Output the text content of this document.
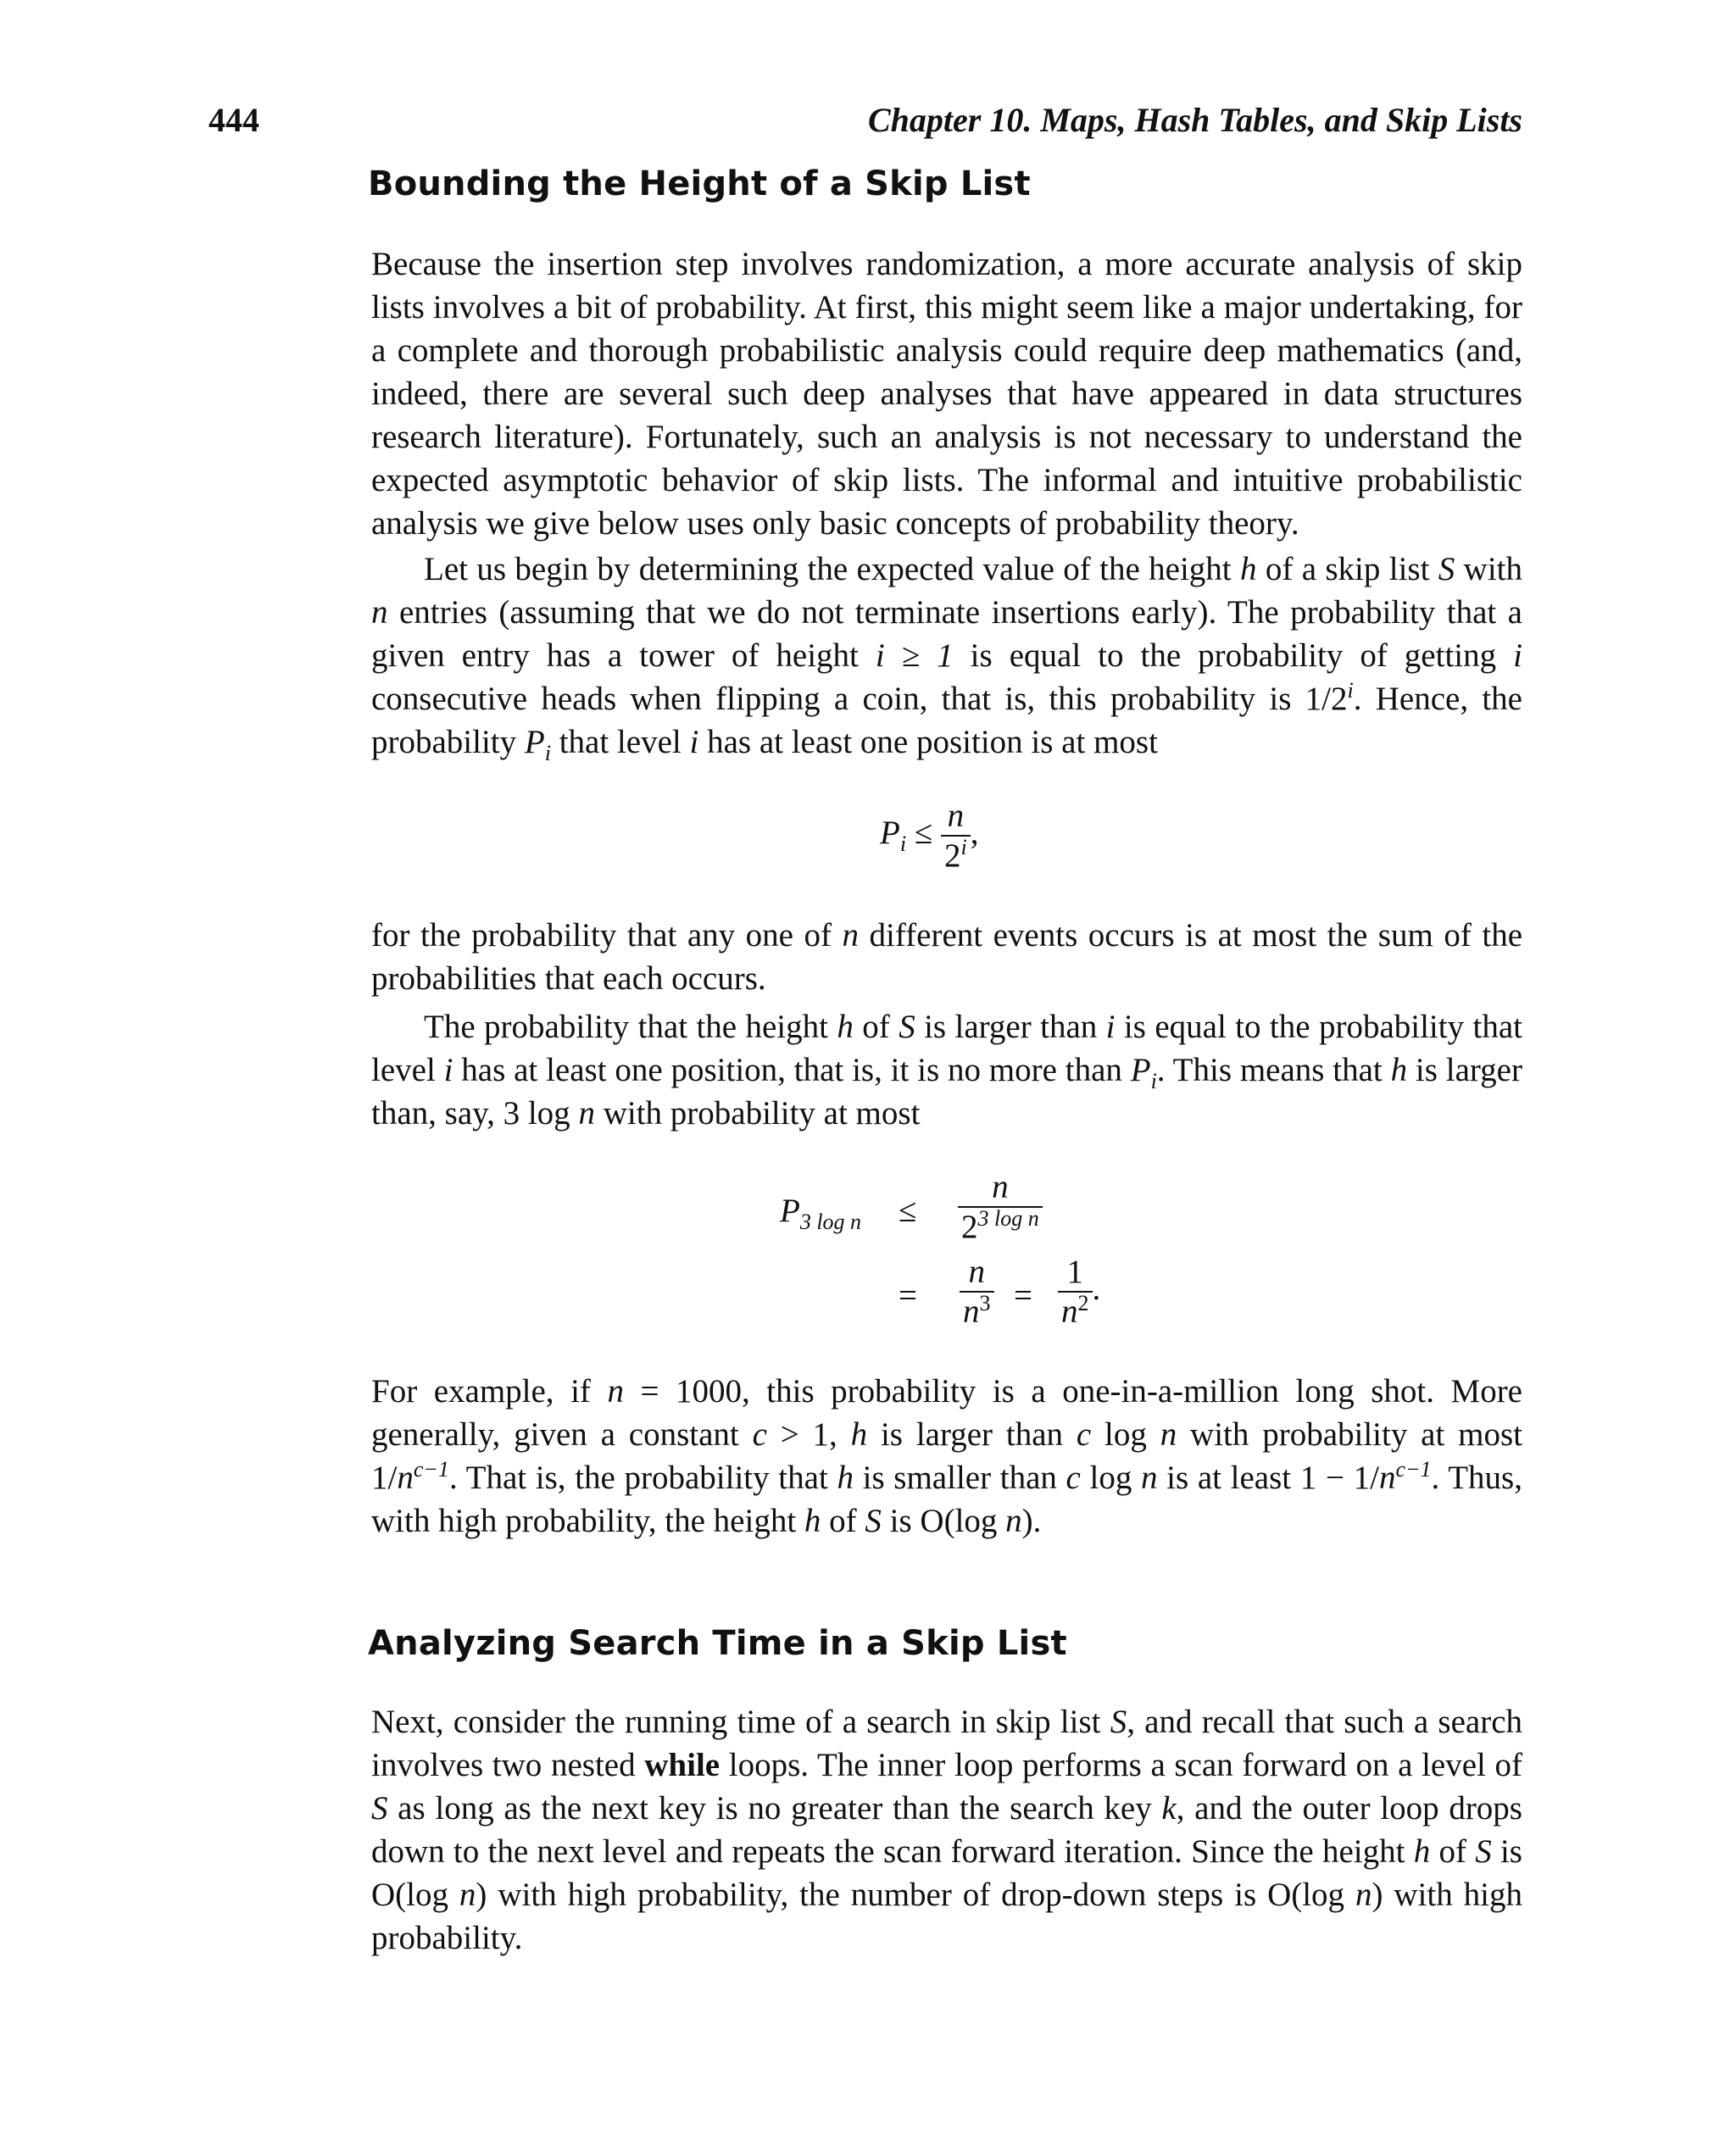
444	Chapter 10. Maps, Hash Tables, and Skip Lists
Bounding the Height of a Skip List

Because the insertion step involves randomization, a more accurate analysis of skip lists involves a bit of probability. At first, this might seem like a major undertaking, for a complete and thorough probabilistic analysis could require deep mathematics (and, indeed, there are several such deep analyses that have appeared in data structures research literature). Fortunately, such an analysis is not necessary to understand the expected asymptotic behavior of skip lists. The informal and intuitive probabilistic analysis we give below uses only basic concepts of probability theory.

Let us begin by determining the expected value of the height h of a skip list S with n entries (assuming that we do not terminate insertions early). The probability that a given entry has a tower of height i ≥ 1 is equal to the probability of getting i consecutive heads when flipping a coin, that is, this probability is 1/2$^i$. Hence, the probability $P_i$ that level i has at least one position is at most

$P_i \le \frac{n}{2^i}$ ,

for the probability that any one of n different events occurs is at most the sum of the probabilities that each occurs.

The probability that the height h of S is larger than i is equal to the probability that level i has at least one position, that is, it is no more than $P_i$. This means that h is larger than, say, 3 log n with probability at most

$P_{3 log n} \le \frac{n}{2^{3 log n}}$
= $\frac{n}{n^3} = \frac{1}{n^2}$ .

For example, if n = 1000, this probability is a one-in-a-million long shot. More generally, given a constant c > 1, h is larger than c log n with probability at most $1/n^{c-1}$. That is, the probability that h is smaller than c log n is at least $1 - 1/n^{c-1}$. Thus, with high probability, the height h of S is O(log n).

Analyzing Search Time in a Skip List

Next, consider the running time of a search in skip list S, and recall that such a search involves two nested while loops. The inner loop performs a scan forward on a level of S as long as the next key is no greater than the search key k, and the outer loop drops down to the next level and repeats the scan forward iteration. Since the height h of S is O(log n) with high probability, the number of drop-down steps is O(log n) with high probability.
